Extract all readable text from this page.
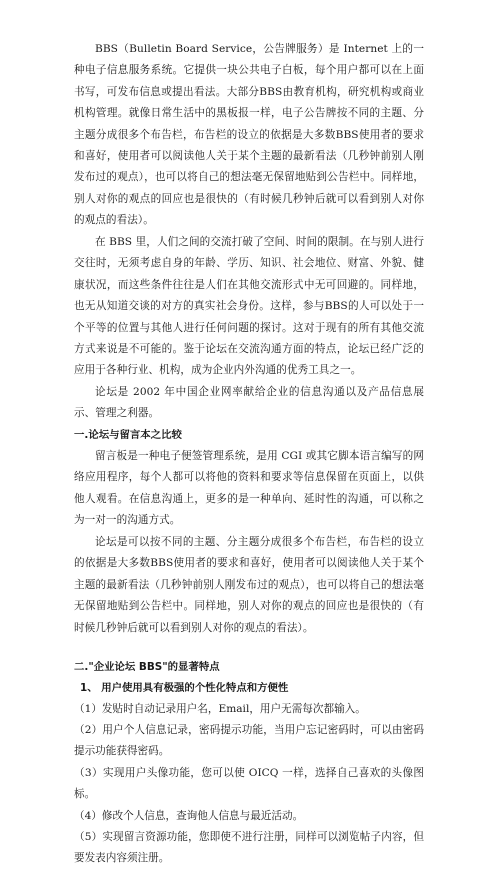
BBS（Bulletin Board Service，公告牌服务）是 Internet 上的一种电子信息服务系统。它提供一块公共电子白板，每个用户都可以在上面书写，可发布信息或提出看法。大部分BBS由教育机构，研究机构或商业机构管理。就像日常生活中的黑板报一样，电子公告牌按不同的主题、分主题分成很多个布告栏，布告栏的设立的依据是大多数BBS使用者的要求和喜好，使用者可以阅读他人关于某个主题的最新看法（几秒钟前别人刚发布过的观点），也可以将自己的想法毫无保留地贴到公告栏中。同样地，别人对你的观点的回应也是很快的（有时候几秒钟后就可以看到别人对你的观点的看法）。

在 BBS 里，人们之间的交流打破了空间、时间的限制。在与别人进行交往时，无须考虑自身的年龄、学历、知识、社会地位、财富、外貌、健康状况，而这些条件往往是人们在其他交流形式中无可回避的。同样地，也无从知道交谈的对方的真实社会身份。这样，参与BBS的人可以处于一个平等的位置与其他人进行任何问题的探讨。这对于现有的所有其他交流方式来说是不可能的。鉴于论坛在交流沟通方面的特点，论坛已经广泛的应用于各种行业、机构，成为企业内外沟通的优秀工具之一。

论坛是 2002 年中国企业网率献给企业的信息沟通以及产品信息展示、管理之利器。

一.论坛与留言本之比较

留言板是一种电子便签管理系统，是用 CGI 或其它脚本语言编写的网络应用程序，每个人都可以将他的资料和要求等信息保留在页面上，以供他人观看。在信息沟通上，更多的是一种单向、延时性的沟通，可以称之为一对一的沟通方式。

论坛是可以按不同的主题、分主题分成很多个布告栏，布告栏的设立的依据是大多数BBS使用者的要求和喜好，使用者可以阅读他人关于某个主题的最新看法（几秒钟前别人刚发布过的观点），也可以将自己的想法毫无保留地贴到公告栏中。同样地，别人对你的观点的回应也是很快的（有时候几秒钟后就可以看到别人对你的观点的看法）。

二."企业论坛 BBS"的显著特点
1、 用户使用具有极强的个性化特点和方便性

（1）发贴时自动记录用户名，Email，用户无需每次都输入。

（2）用户个人信息记录，密码提示功能，当用户忘记密码时，可以由密码提示功能获得密码。

（3）实现用户头像功能，您可以使 OICQ 一样，选择自己喜欢的头像图标。

（4）修改个人信息，查询他人信息与最近活动。

（5）实现留言资源功能，您即使不进行注册，同样可以浏览帖子内容，但要发表内容须注册。
